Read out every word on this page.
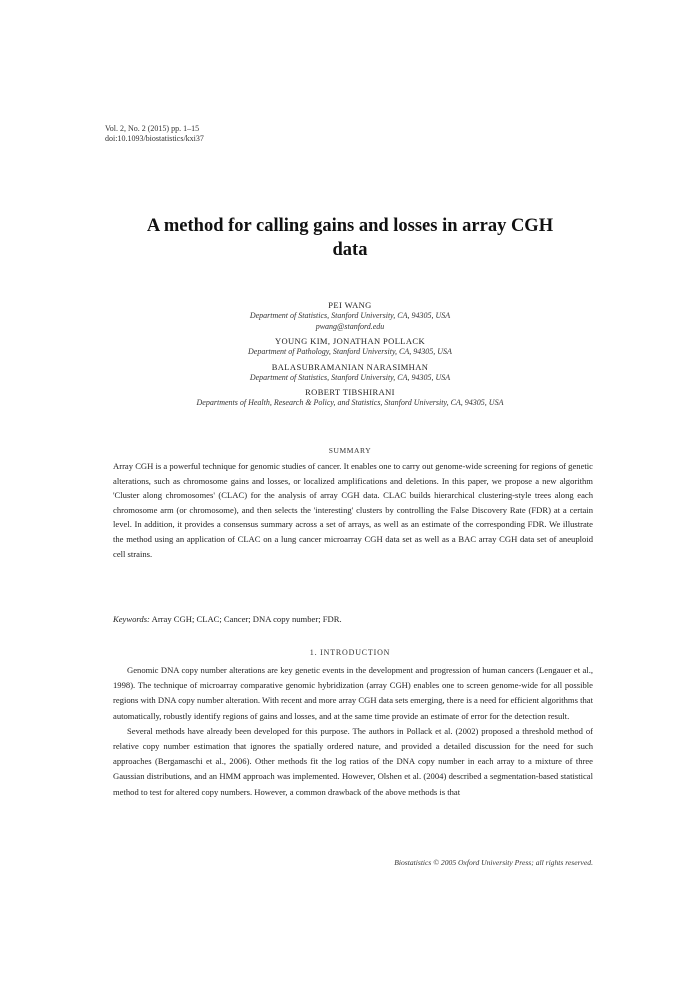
Vol. 2, No. 2 (2015) pp. 1–15
doi:10.1093/biostatistics/kxi37
A method for calling gains and losses in array CGH data
PEI WANG
Department of Statistics, Stanford University, CA, 94305, USA
pwang@stanford.edu
YOUNG KIM, JONATHAN POLLACK
Department of Pathology, Stanford University, CA, 94305, USA
BALASUBRAMANIAN NARASIMHAN
Department of Statistics, Stanford University, CA, 94305, USA
ROBERT TIBSHIRANI
Departments of Health, Research & Policy, and Statistics, Stanford University, CA, 94305, USA
SUMMARY
Array CGH is a powerful technique for genomic studies of cancer. It enables one to carry out genome-wide screening for regions of genetic alterations, such as chromosome gains and losses, or localized amplifications and deletions. In this paper, we propose a new algorithm 'Cluster along chromosomes' (CLAC) for the analysis of array CGH data. CLAC builds hierarchical clustering-style trees along each chromosome arm (or chromosome), and then selects the 'interesting' clusters by controlling the False Discovery Rate (FDR) at a certain level. In addition, it provides a consensus summary across a set of arrays, as well as an estimate of the corresponding FDR. We illustrate the method using an application of CLAC on a lung cancer microarray CGH data set as well as a BAC array CGH data set of aneuploid cell strains.
Keywords: Array CGH; CLAC; Cancer; DNA copy number; FDR.
1. INTRODUCTION

Genomic DNA copy number alterations are key genetic events in the development and progression of human cancers (Lengauer et al., 1998). The technique of microarray comparative genomic hybridization (array CGH) enables one to screen genome-wide for all possible regions with DNA copy number alteration. With recent and more array CGH data sets emerging, there is a need for efficient algorithms that automatically, robustly identify regions of gains and losses, and at the same time provide an estimate of error for the detection result.

Several methods have already been developed for this purpose. The authors in Pollack et al. (2002) proposed a threshold method of relative copy number estimation that ignores the spatially ordered nature, and provided a detailed discussion for the need for such approaches (Bergamaschi et al., 2006). Other methods fit the log ratios of the DNA copy number in each array to a mixture of three Gaussian distributions, and an HMM approach was implemented. However, Olshen et al. (2004) described a segmentation-based statistical method to test for altered copy numbers. However, a common drawback of the above methods is that

Biostatistics © 2005 Oxford University Press; all rights reserved.
